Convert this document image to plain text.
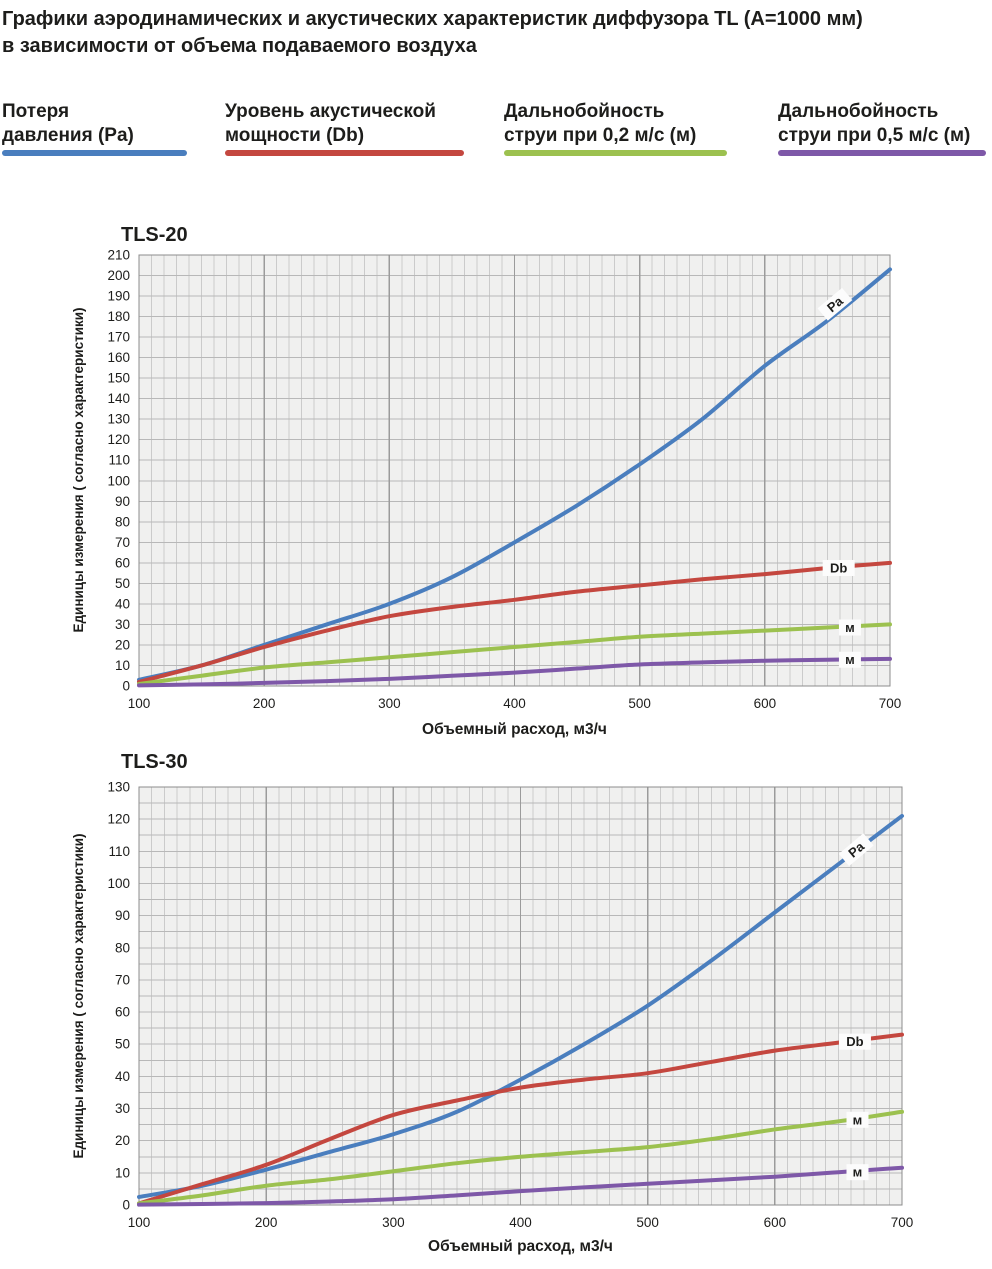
Графики аэродинамических и акустических характеристик диффузора TL (А=1000 мм)
в зависимости от объема подаваемого воздуха
Потеря
давления (Pa)
Уровень акустической
мощности (Db)
Дальнобойность
струи при 0,2 м/с (м)
Дальнобойность
струи при 0,5 м/с (м)
Pa
Db
м
м
0
10
20
30
40
50
60
70
80
90
100
110
120
130
140
150
160
170
180
190
200
210
100	200	300	400	500	600	700
TLS-20
Объемный расход, м3/ч
Единицы измерения ( согласно характеристики)
Pa
Db
м
м
0
10
20
30
40
50
60
70
80
90
100
110
120
130
100	200	300	400	500	600	700
TLS-30
Объемный расход, м3/ч
Единицы измерения ( согласно характеристики)
